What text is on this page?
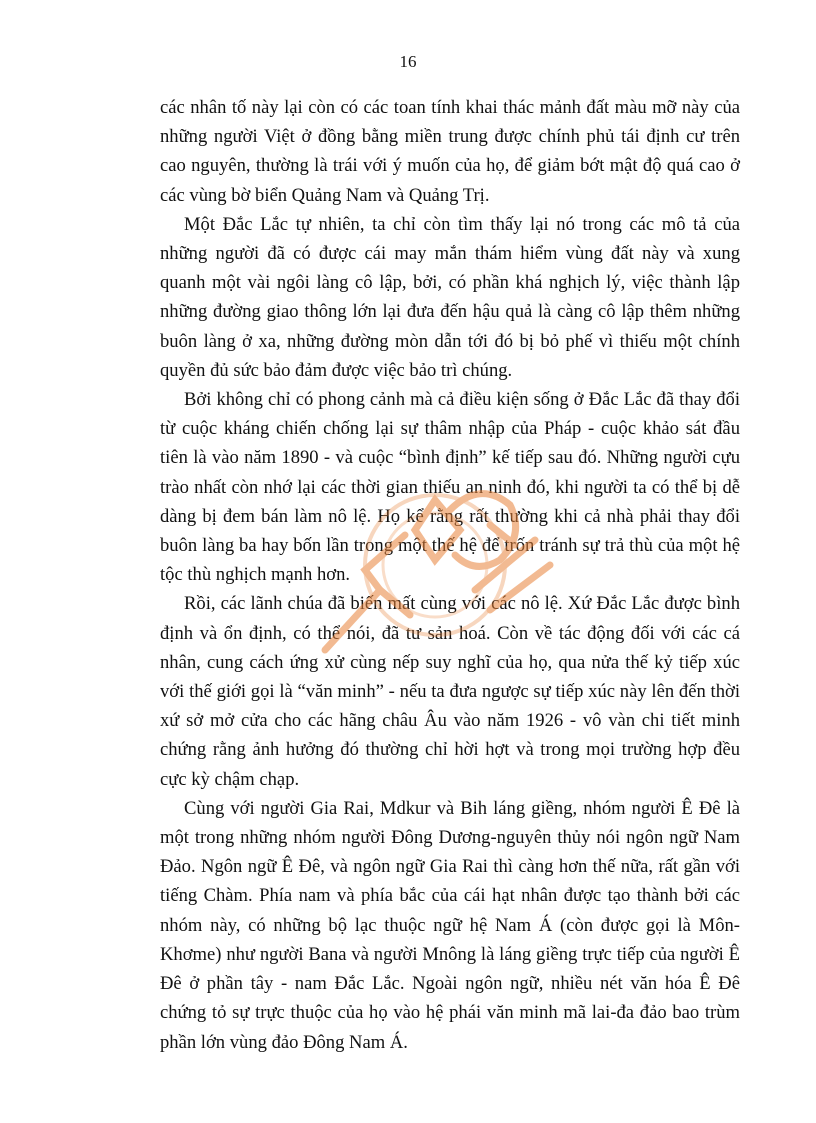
16

các nhân tố này lại còn có các toan tính khai thác mảnh đất màu mỡ này của những người Việt ở đồng bằng miền trung được chính phủ tái định cư trên cao nguyên, thường là trái với ý muốn của họ, để giảm bớt mật độ quá cao ở các vùng bờ biển Quảng Nam và Quảng Trị.

Một Đắc Lắc tự nhiên, ta chỉ còn tìm thấy lại nó trong các mô tả của những người đã có được cái may mắn thám hiểm vùng đất này và xung quanh một vài ngôi làng cô lập, bởi, có phần khá nghịch lý, việc thành lập những đường giao thông lớn lại đưa đến hậu quả là càng cô lập thêm những buôn làng ở xa, những đường mòn dẫn tới đó bị bỏ phế vì thiếu một chính quyền đủ sức bảo đảm được việc bảo trì chúng.

Bởi không chỉ có phong cảnh mà cả điều kiện sống ở Đắc Lắc đã thay đổi từ cuộc kháng chiến chống lại sự thâm nhập của Pháp - cuộc khảo sát đầu tiên là vào năm 1890 - và cuộc “bình định” kế tiếp sau đó. Những người cựu trào nhất còn nhớ lại các thời gian thiếu an ninh đó, khi người ta có thể bị dễ dàng bị đem bán làm nô lệ. Họ kể rằng rất thường khi cả nhà phải thay đổi buôn làng ba hay bốn lần trong một thế hệ để trốn tránh sự trả thù của một hệ tộc thù nghịch mạnh hơn.

Rồi, các lãnh chúa đã biến mất cùng với các nô lệ. Xứ Đắc Lắc được bình định và ổn định, có thể nói, đã tư sản hoá. Còn về tác động đối với các cá nhân, cung cách ứng xử cùng nếp suy nghĩ của họ, qua nửa thế kỷ tiếp xúc với thế giới gọi là “văn minh” - nếu ta đưa ngược sự tiếp xúc này lên đến thời xứ sở mở cửa cho các hãng châu Âu vào năm 1926 - vô vàn chi tiết minh chứng rằng ảnh hưởng đó thường chỉ hời hợt và trong mọi trường hợp đều cực kỳ chậm chạp.

Cùng với người Gia Rai, Mdkur và Bih láng giềng, nhóm người Ê Đê là một trong những nhóm người Đông Dương-nguyên thủy nói ngôn ngữ Nam Đảo. Ngôn ngữ Ê Đê, và ngôn ngữ Gia Rai thì càng hơn thế nữa, rất gần với tiếng Chàm. Phía nam và phía bắc của cái hạt nhân được tạo thành bởi các nhóm này, có những bộ lạc thuộc ngữ hệ Nam Á (còn được gọi là Môn- Khơme) như người Bana và người Mnông là láng giềng trực tiếp của người Ê Đê ở phần tây - nam Đắc Lắc. Ngoài ngôn ngữ, nhiều nét văn hóa Ê Đê chứng tỏ sự trực thuộc của họ vào hệ phái văn minh mã lai-đa đảo bao trùm phần lớn vùng đảo Đông Nam Á.
